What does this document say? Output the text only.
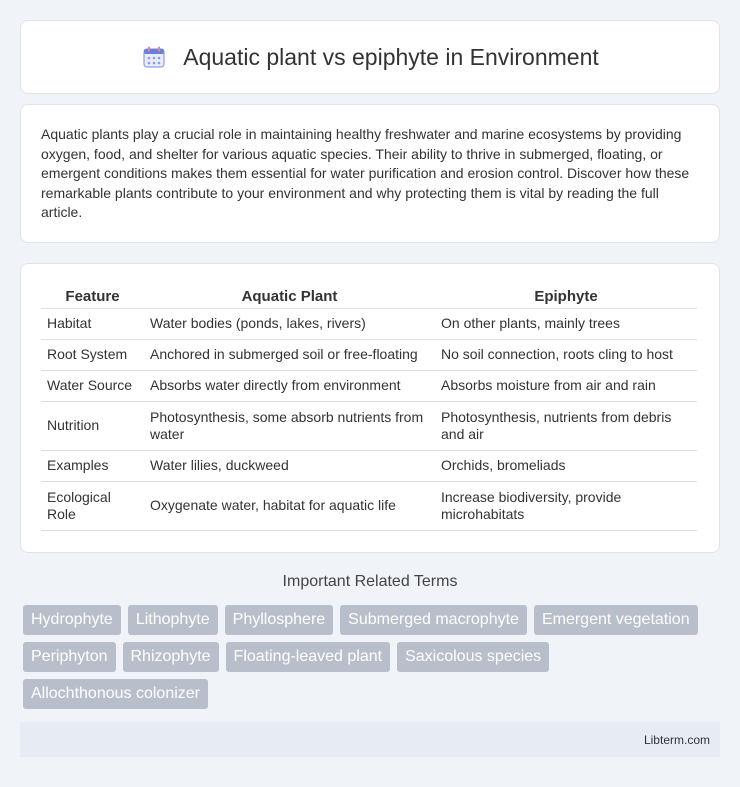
Aquatic plant vs epiphyte in Environment

Aquatic plants play a crucial role in maintaining healthy freshwater and marine ecosystems by providing oxygen, food, and shelter for various aquatic species. Their ability to thrive in submerged, floating, or emergent conditions makes them essential for water purification and erosion control. Discover how these remarkable plants contribute to your environment and why protecting them is vital by reading the full article.

Feature	Aquatic Plant	Epiphyte
Habitat	Water bodies (ponds, lakes, rivers)	On other plants, mainly trees
Root System	Anchored in submerged soil or free-floating	No soil connection, roots cling to host
Water Source	Absorbs water directly from environment	Absorbs moisture from air and rain
Nutrition	Photosynthesis, some absorb nutrients from water	Photosynthesis, nutrients from debris and air
Examples	Water lilies, duckweed	Orchids, bromeliads
Ecological Role	Oxygenate water, habitat for aquatic life	Increase biodiversity, provide microhabitats
Important Related Terms
Hydrophyte	Lithophyte	Phyllosphere	Submerged macrophyte	Emergent vegetation
Periphyton	Rhizophyte	Floating-leaved plant	Saxicolous species
Allochthonous colonizer
Libterm.com
